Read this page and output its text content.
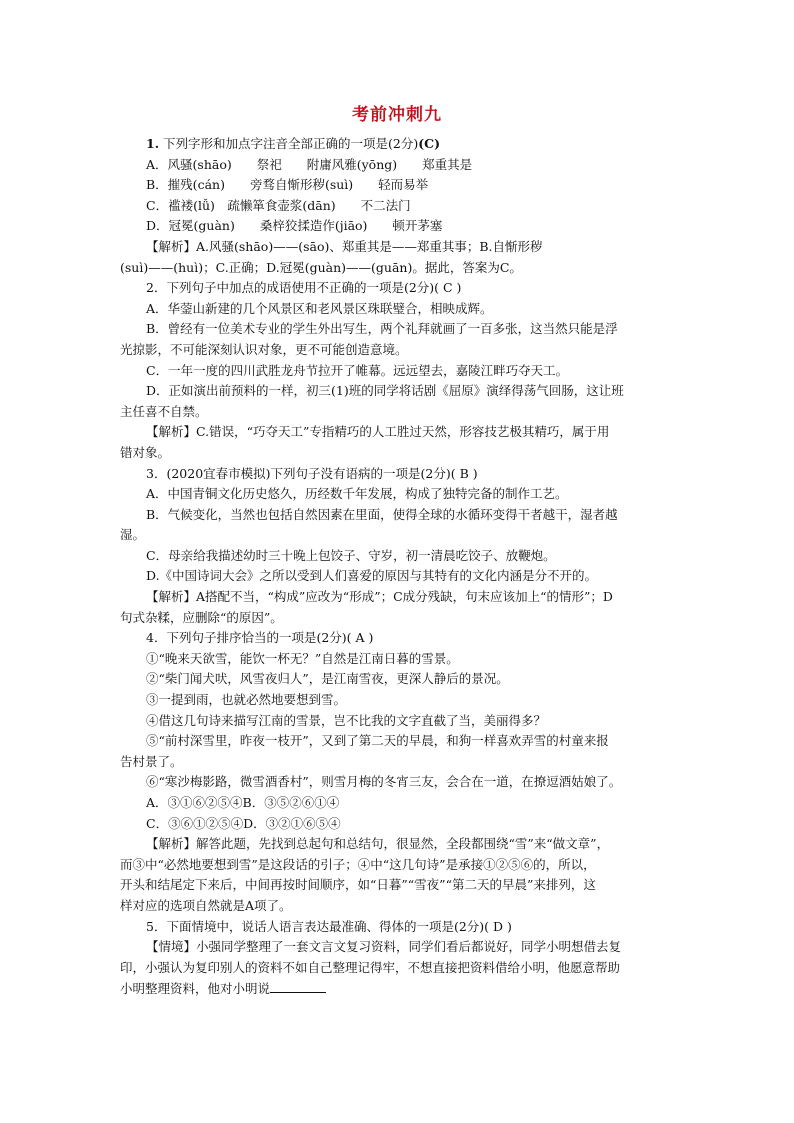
考前冲刺九

1. 下列字形和加点字注音全部正确的一项是(2分)(C)

A．风骚(shāo)　　祭祀　　附庸风雅(yōng)　　郑重其是

B．摧残(cán)　　旁骛自惭形秽(suì)　　轻而易举

C．褴褛(lǚ)　疏懒箪食壶浆(dān)　　不二法门

D．冠冕(guàn)　　桑梓狡揉造作(jiāo)　　顿开茅塞

【解析】A.风骚(shāo)——(sāo)、郑重其是——郑重其事；B.自惭形秽

(suì)——(huì)；C.正确；D.冠冕(guàn)——(guān)。据此，答案为C。

2．下列句子中加点的成语使用不正确的一项是(2分)( C )

A．华蓥山新建的几个风景区和老风景区珠联璧合，相映成辉。

B．曾经有一位美术专业的学生外出写生，两个礼拜就画了一百多张，这当然只能是浮

光掠影，不可能深刻认识对象，更不可能创造意境。

C．一年一度的四川武胜龙舟节拉开了帷幕。远远望去，嘉陵江畔巧夺天工。

D．正如演出前预料的一样，初三(1)班的同学将话剧《屈原》演绎得荡气回肠，这让班

主任喜不自禁。

【解析】C.错误，“巧夺天工”专指精巧的人工胜过天然，形容技艺极其精巧，属于用

错对象。

3．(2020宜春市模拟)下列句子没有语病的一项是(2分)( B )

A．中国青铜文化历史悠久，历经数千年发展，构成了独特完备的制作工艺。

B．气候变化，当然也包括自然因素在里面，使得全球的水循环变得干者越干，湿者越

湿。

C．母亲给我描述幼时三十晚上包饺子、守岁，初一清晨吃饺子、放鞭炮。

D.《中国诗词大会》之所以受到人们喜爱的原因与其特有的文化内涵是分不开的。

【解析】A搭配不当，“构成”应改为“形成”；C成分残缺，句末应该加上“的情形”；D

句式杂糅，应删除“的原因”。

4．下列句子排序恰当的一项是(2分)( A )

①“晚来天欲雪，能饮一杯无？”自然是江南日暮的雪景。

②“柴门闻犬吠，风雪夜归人”，是江南雪夜，更深人静后的景况。

③一提到雨，也就必然地要想到雪。

④借这几句诗来描写江南的雪景，岂不比我的文字直截了当，美丽得多？

⑤“前村深雪里，昨夜一枝开”，又到了第二天的早晨，和狗一样喜欢弄雪的村童来报

告村景了。

⑥“寒沙梅影路，微雪酒香村”，则雪月梅的冬宵三友，会合在一道，在撩逗酒姑娘了。

A．③①⑥②⑤④B．③⑤②⑥①④

C．③⑥①②⑤④D．③②①⑥⑤④

【解析】解答此题，先找到总起句和总结句，很显然，全段都围绕“雪”来“做文章”，

而③中“必然地要想到雪”是这段话的引子；④中“这几句诗”是承接①②⑤⑥的，所以，

开头和结尾定下来后，中间再按时间顺序，如“日暮”“雪夜”“第二天的早晨”来排列，这

样对应的选项自然就是A项了。

5．下面情境中，说话人语言表达最准确、得体的一项是(2分)( D )

【情境】小强同学整理了一套文言文复习资料，同学们看后都说好，同学小明想借去复

印，小强认为复印别人的资料不如自己整理记得牢，不想直接把资料借给小明，他愿意帮助

小明整理资料，他对小明说
